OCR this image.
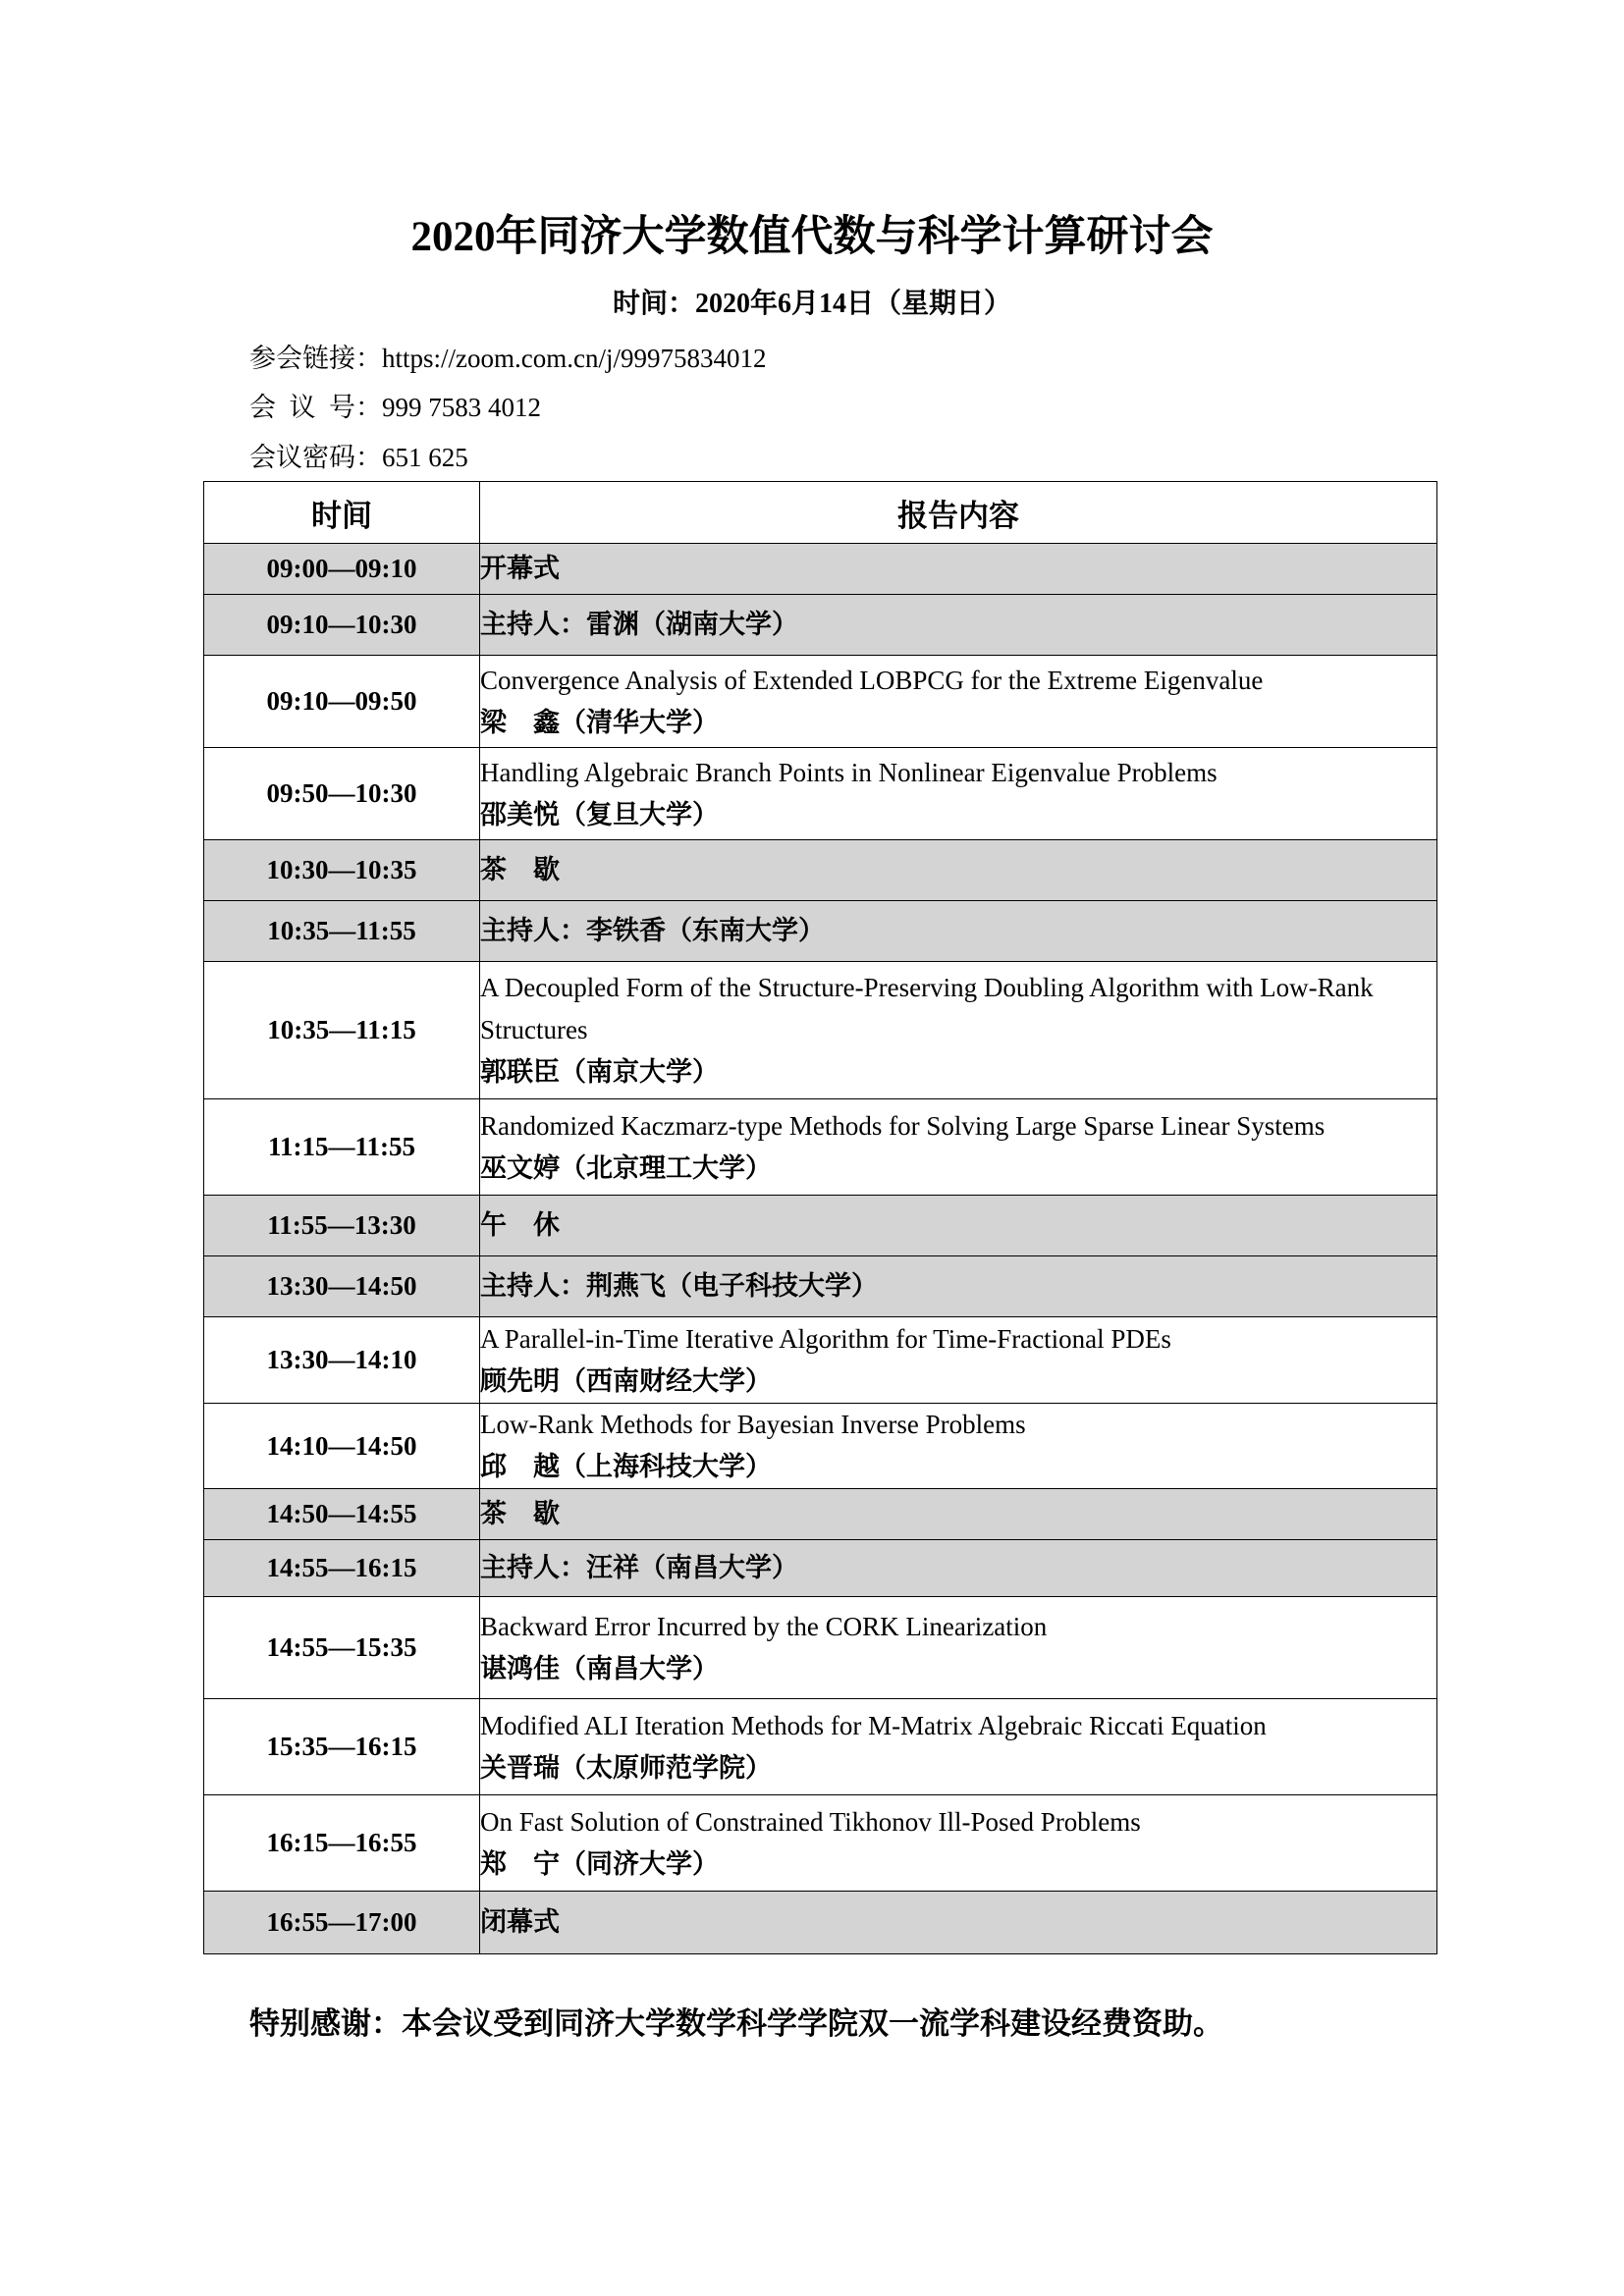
2020年同济大学数值代数与科学计算研讨会
时间：2020年6月14日（星期日）
参会链接：https://zoom.com.cn/j/99975834012
会  议  号：999 7583 4012
会议密码：651 625
时间	报告内容
09:00—09:10	开幕式
09:10—10:30	主持人：雷渊（湖南大学）
09:10—09:50	Convergence Analysis of Extended LOBPCG for the Extreme Eigenvalue
梁　鑫（清华大学）

09:50—10:30	Handling Algebraic Branch Points in Nonlinear Eigenvalue Problems
邵美悦（复旦大学）

10:30—10:35	茶　歇
10:35—11:55	主持人：李铁香（东南大学）
10:35—11:15	A Decoupled Form of the Structure-Preserving Doubling Algorithm with Low-Rank Structures
郭联臣（南京大学）

11:15—11:55	Randomized Kaczmarz-type Methods for Solving Large Sparse Linear Systems
巫文婷（北京理工大学）

11:55—13:30	午　休
13:30—14:50	主持人：荆燕飞（电子科技大学）
13:30—14:10	A Parallel-in-Time Iterative Algorithm for Time-Fractional PDEs
顾先明（西南财经大学）

14:10—14:50	Low-Rank Methods for Bayesian Inverse Problems
邱　越（上海科技大学）

14:50—14:55	茶　歇
14:55—16:15	主持人：汪祥（南昌大学）
14:55—15:35	Backward Error Incurred by the CORK Linearization
谌鸿佳（南昌大学）

15:35—16:15	Modified ALI Iteration Methods for M-Matrix Algebraic Riccati Equation
关晋瑞（太原师范学院）

16:15—16:55	On Fast Solution of Constrained Tikhonov Ill-Posed Problems
郑　宁（同济大学）

16:55—17:00	闭幕式
特别感谢：本会议受到同济大学数学科学学院双一流学科建设经费资助。
